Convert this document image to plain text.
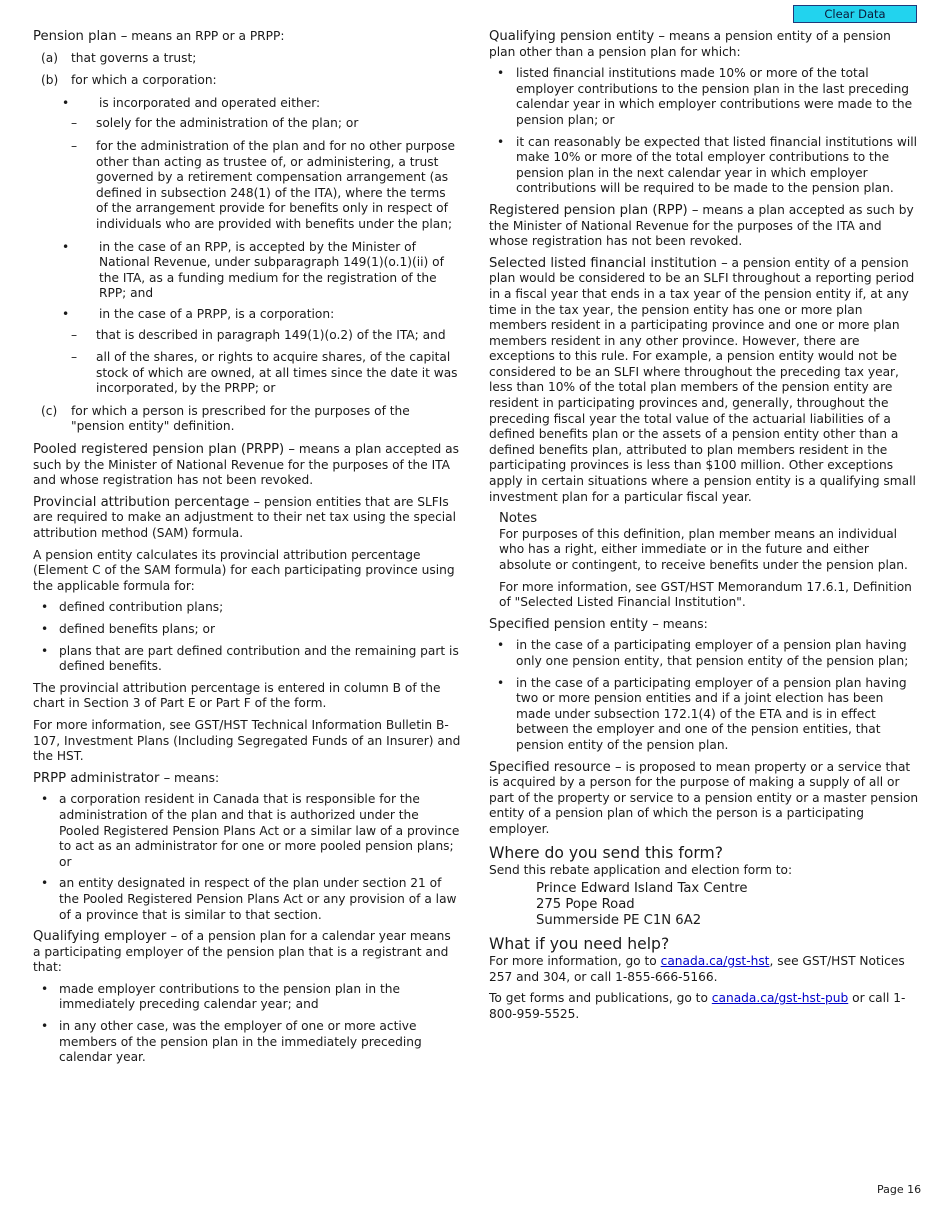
Clear Data

Pension plan – means an RPP or a PRPP:

(a) that governs a trust;
(b) for which a corporation:
• is incorporated and operated either:
– solely for the administration of the plan; or
– for the administration of the plan and for no other purpose other than acting as trustee of, or administering, a trust governed by a retirement compensation arrangement (as defined in subsection 248(1) of the ITA), where the terms of the arrangement provide for benefits only in respect of individuals who are provided with benefits under the plan;
• in the case of an RPP, is accepted by the Minister of National Revenue, under subparagraph 149(1)(o.1)(ii) of the ITA, as a funding medium for the registration of the RPP; and
• in the case of a PRPP, is a corporation:
– that is described in paragraph 149(1)(o.2) of the ITA; and
– all of the shares, or rights to acquire shares, of the capital stock of which are owned, at all times since the date it was incorporated, by the PRPP; or
(c) for which a person is prescribed for the purposes of the "pension entity" definition.

Pooled registered pension plan (PRPP) – means a plan accepted as such by the Minister of National Revenue for the purposes of the ITA and whose registration has not been revoked.

Provincial attribution percentage – pension entities that are SLFIs are required to make an adjustment to their net tax using the special attribution method (SAM) formula.

A pension entity calculates its provincial attribution percentage (Element C of the SAM formula) for each participating province using the applicable formula for:

• defined contribution plans;
• defined benefits plans; or
• plans that are part defined contribution and the remaining part is defined benefits.

The provincial attribution percentage is entered in column B of the chart in Section 3 of Part E or Part F of the form.

For more information, see GST/HST Technical Information Bulletin B-107, Investment Plans (Including Segregated Funds of an Insurer) and the HST.

PRPP administrator – means:

• a corporation resident in Canada that is responsible for the administration of the plan and that is authorized under the Pooled Registered Pension Plans Act or a similar law of a province to act as an administrator for one or more pooled pension plans; or
• an entity designated in respect of the plan under section 21 of the Pooled Registered Pension Plans Act or any provision of a law of a province that is similar to that section.

Qualifying employer – of a pension plan for a calendar year means a participating employer of the pension plan that is a registrant and that:

• made employer contributions to the pension plan in the immediately preceding calendar year; and
• in any other case, was the employer of one or more active members of the pension plan in the immediately preceding calendar year.

Qualifying pension entity – means a pension entity of a pension plan other than a pension plan for which:

• listed financial institutions made 10% or more of the total employer contributions to the pension plan in the last preceding calendar year in which employer contributions were made to the pension plan; or
• it can reasonably be expected that listed financial institutions will make 10% or more of the total employer contributions to the pension plan in the next calendar year in which employer contributions will be required to be made to the pension plan.

Registered pension plan (RPP) – means a plan accepted as such by the Minister of National Revenue for the purposes of the ITA and whose registration has not been revoked.

Selected listed financial institution – a pension entity of a pension plan would be considered to be an SLFI throughout a reporting period in a fiscal year that ends in a tax year of the pension entity if, at any time in the tax year, the pension entity has one or more plan members resident in a participating province and one or more plan members resident in any other province. However, there are exceptions to this rule. For example, a pension entity would not be considered to be an SLFI where throughout the preceding tax year, less than 10% of the total plan members of the pension entity are resident in participating provinces and, generally, throughout the preceding fiscal year the total value of the actuarial liabilities of a defined benefits plan or the assets of a pension entity other than a defined benefits plan, attributed to plan members resident in the participating provinces is less than $100 million. Other exceptions apply in certain situations where a pension entity is a qualifying small investment plan for a particular fiscal year.

Notes

For purposes of this definition, plan member means an individual who has a right, either immediate or in the future and either absolute or contingent, to receive benefits under the pension plan.

For more information, see GST/HST Memorandum 17.6.1, Definition of "Selected Listed Financial Institution".

Specified pension entity – means:

• in the case of a participating employer of a pension plan having only one pension entity, that pension entity of the pension plan;
• in the case of a participating employer of a pension plan having two or more pension entities and if a joint election has been made under subsection 172.1(4) of the ETA and is in effect between the employer and one of the pension entities, that pension entity of the pension plan.

Specified resource – is proposed to mean property or a service that is acquired by a person for the purpose of making a supply of all or part of the property or service to a pension entity or a master pension entity of a pension plan of which the person is a participating employer.

Where do you send this form?

Send this rebate application and election form to:

Prince Edward Island Tax Centre

275 Pope Road

Summerside PE C1N 6A2

What if you need help?

For more information, go to canada.ca/gst-hst, see GST/HST Notices 257 and 304, or call 1-855-666-5166.

To get forms and publications, go to canada.ca/gst-hst-pub or call 1-800-959-5525.

Page 16
